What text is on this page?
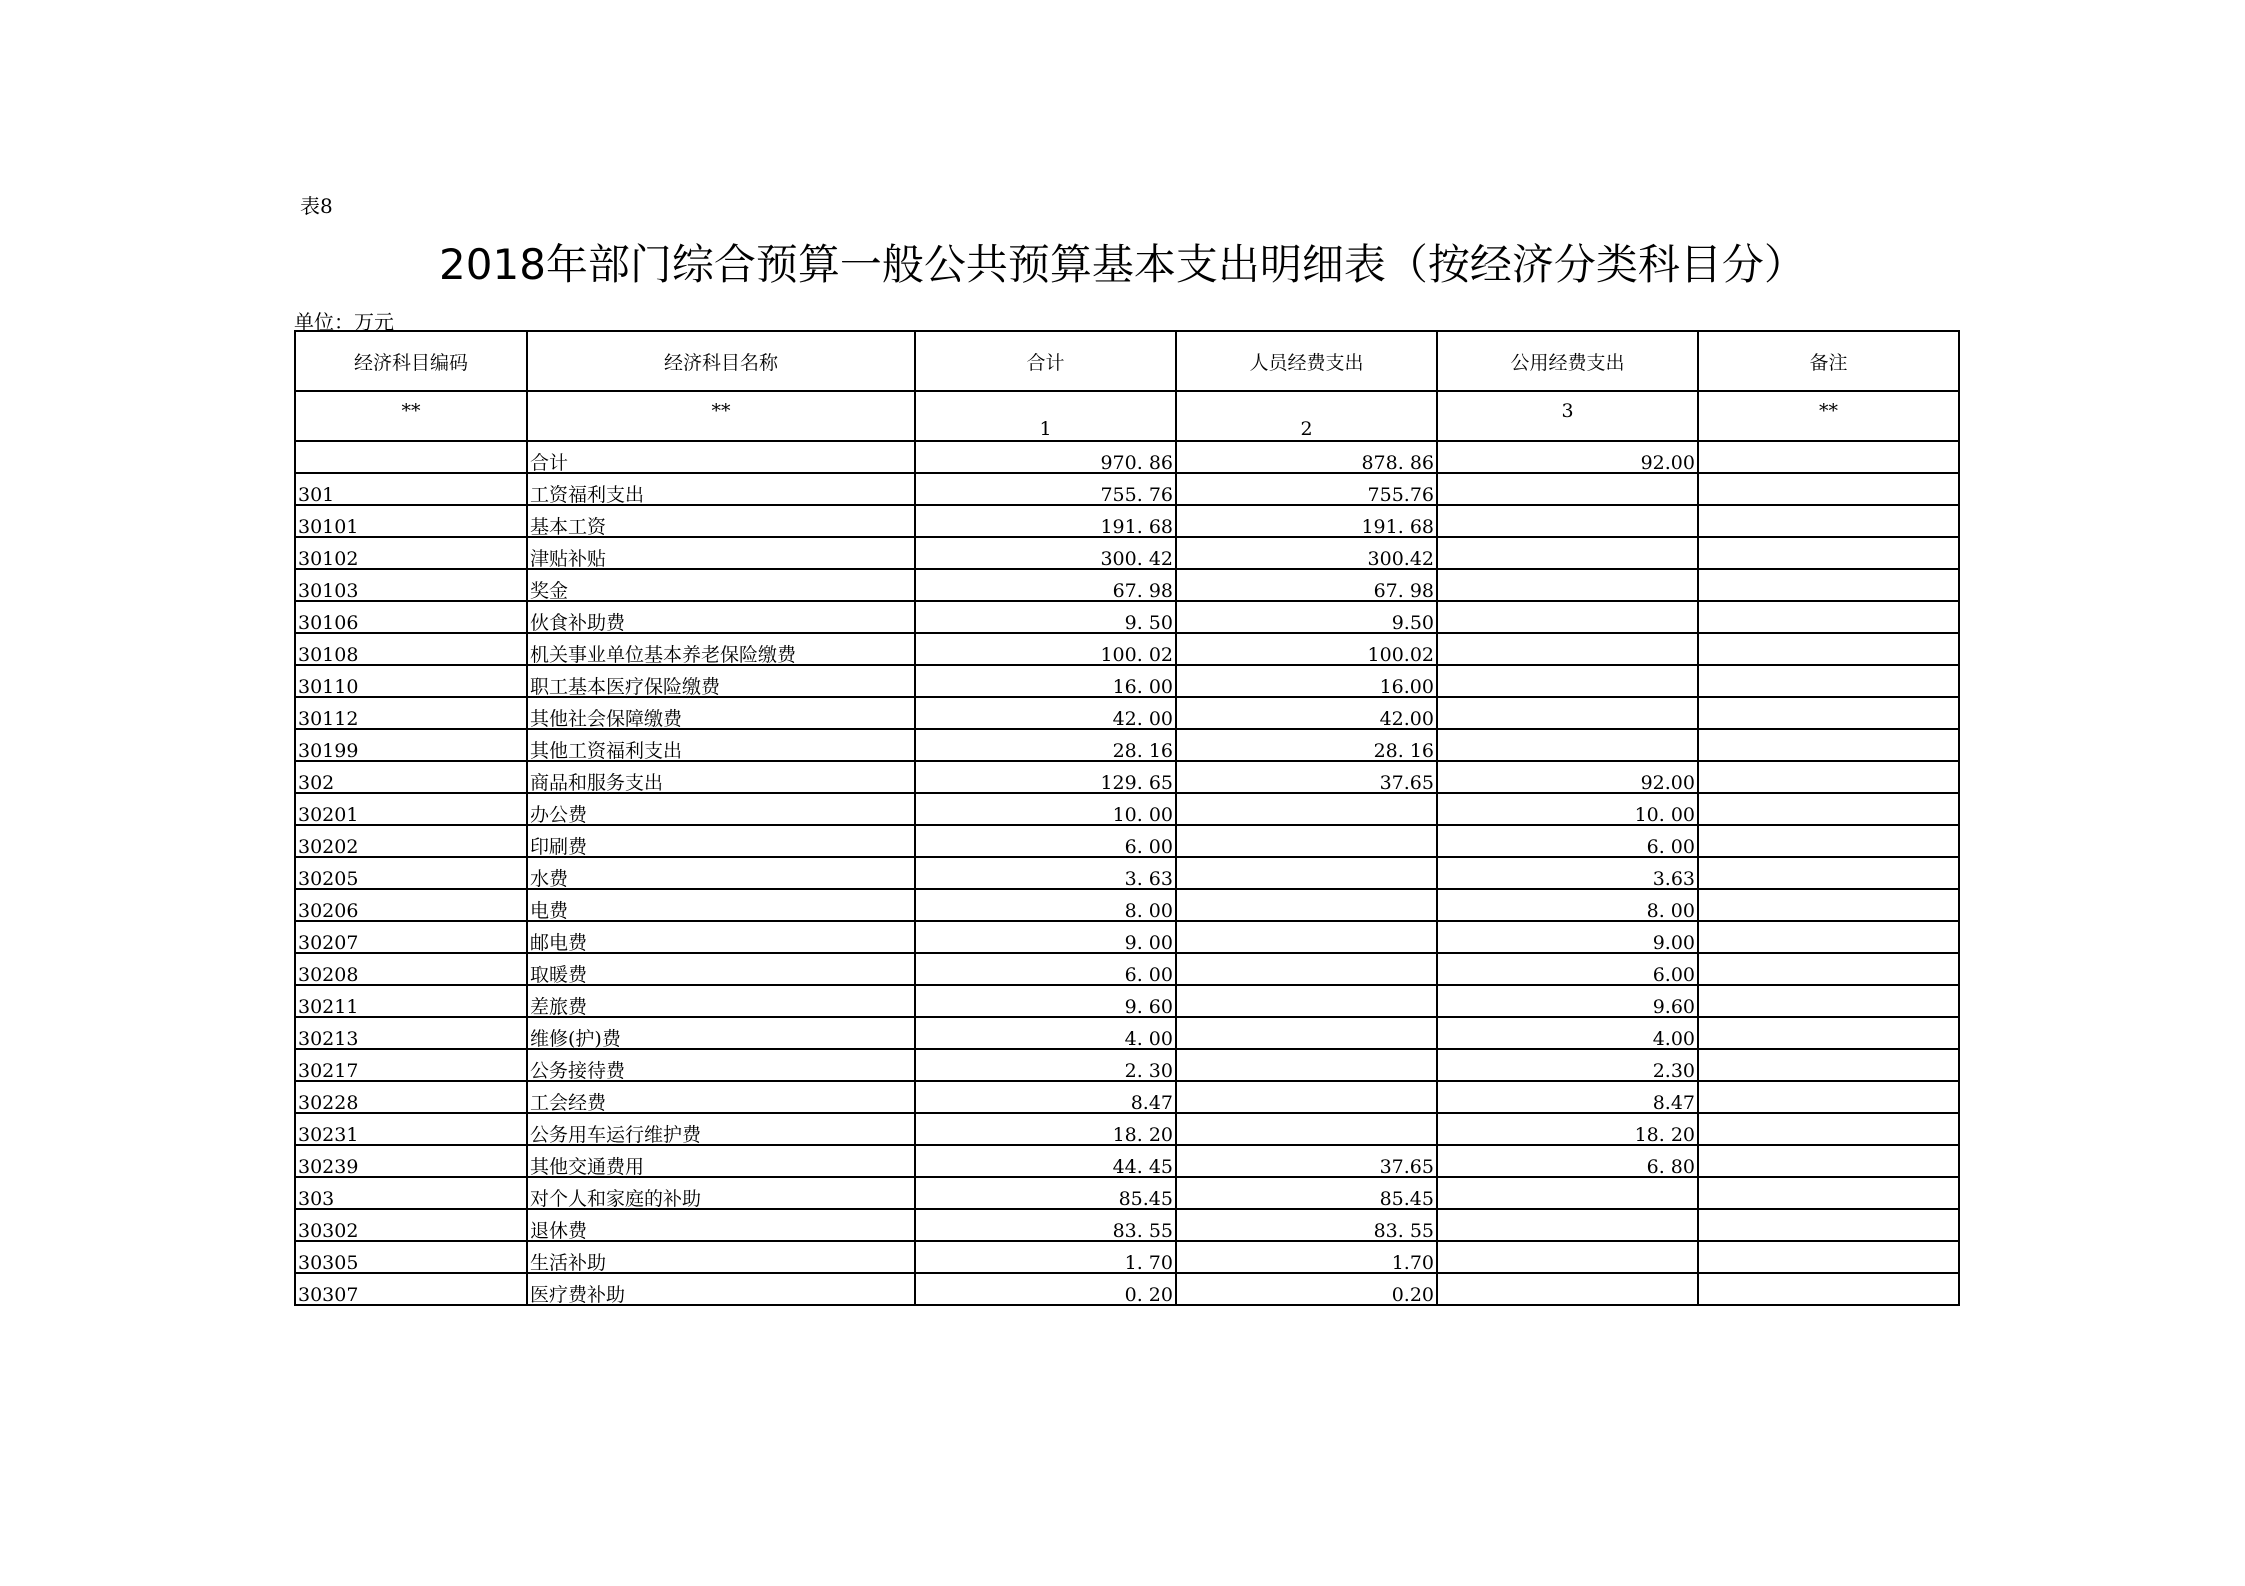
表8
2018年部门综合预算一般公共预算基本支出明细表（按经济分类科目分）
单位：万元
经济科目编码	经济科目名称	合计	人员经费支出	公用经费支出	备注
**	**	1	2	3	**
	合计	970. 86	878. 86	92.00	
301	工资福利支出	755. 76	755.76		
30101	基本工资	191. 68	191. 68		
30102	津贴补贴	300. 42	300.42		
30103	奖金	67. 98	67. 98		
30106	伙食补助费	9. 50	9.50		
30108	机关事业单位基本养老保险缴费	100. 02	100.02		
30110	职工基本医疗保险缴费	16. 00	16.00		
30112	其他社会保障缴费	42. 00	42.00		
30199	其他工资福利支出	28. 16	28. 16		
302	商品和服务支出	129. 65	37.65	92.00	
30201	办公费	10. 00		10. 00	
30202	印刷费	6. 00		6. 00	
30205	水费	3. 63		3.63	
30206	电费	8. 00		8. 00	
30207	邮电费	9. 00		9.00	
30208	取暖费	6. 00		6.00	
30211	差旅费	9. 60		9.60	
30213	维修(护)费	4. 00		4.00	
30217	公务接待费	2. 30		2.30	
30228	工会经费	8.47		8.47	
30231	公务用车运行维护费	18. 20		18. 20	
30239	其他交通费用	44. 45	37.65	6. 80	
303	对个人和家庭的补助	85.45	85.45		
30302	退休费	83. 55	83. 55		
30305	生活补助	1. 70	1.70		
30307	医疗费补助	0. 20	0.20		
